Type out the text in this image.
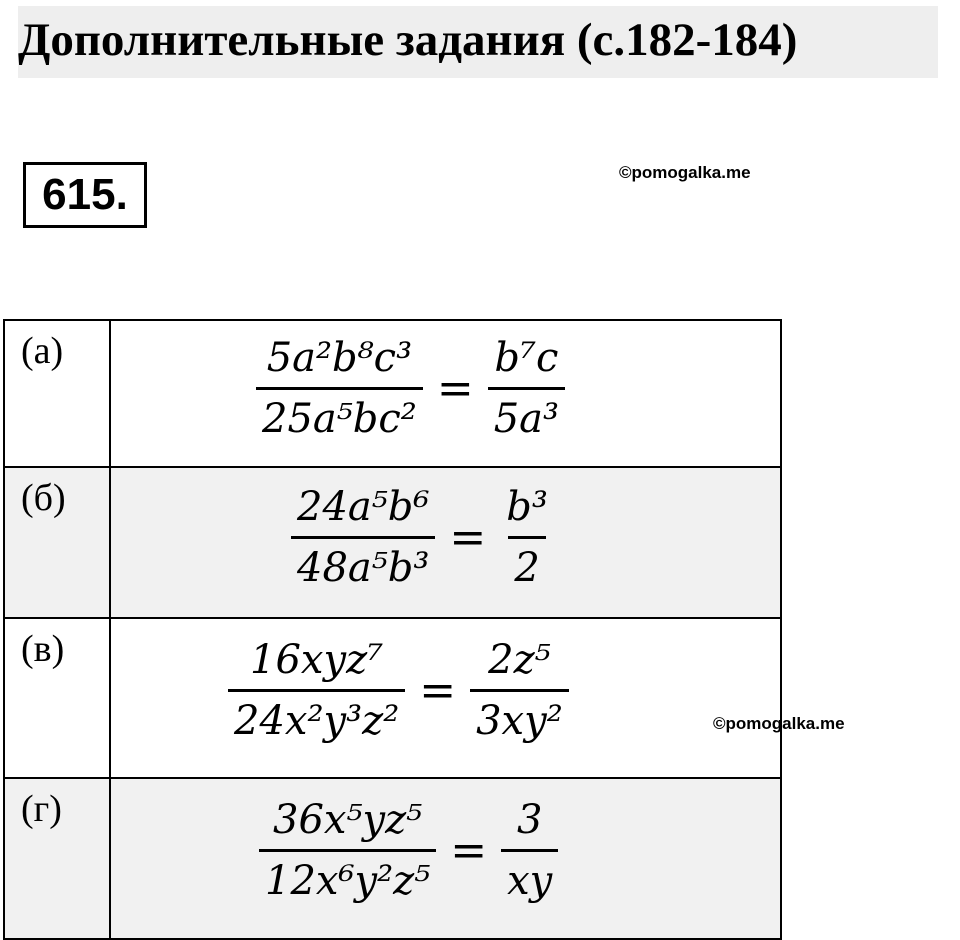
Дополнительные задания (с.182-184)
615.	©pomogalka.me
(а)	$\frac{\text{5a²b⁸c³}}{\text{25a⁵bc²}} = \frac{\text{b⁷c}}{\text{5a³}}$

(б)	$\frac{\text{24a⁵b⁶}}{\text{48a⁵b³}} = \frac{\text{b³}}{2}$

(в)	$\frac{\text{16xyz⁷}}{\text{24x²y³z²}} = \frac{\text{2z⁵}}{\text{3xy²}}$

(г)	$\frac{\text{36x⁵yz⁵}}{\text{12x⁶y²z⁵}} = \frac{3}{xy}$
©pomogalka.me
